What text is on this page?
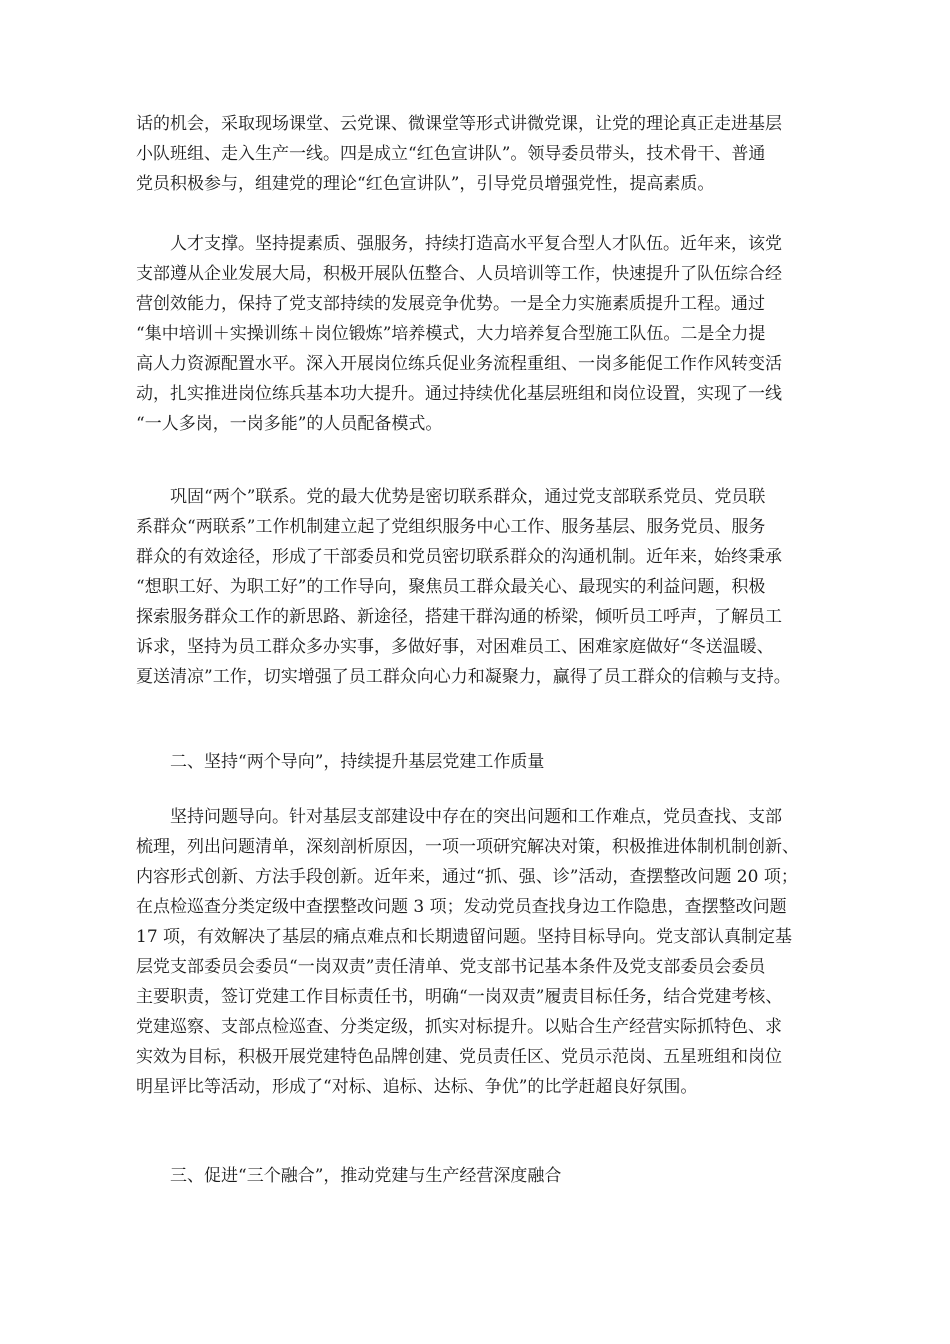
话的机会，采取现场课堂、云党课、微课堂等形式讲微党课，让党的理论真正走进基层
小队班组、走入生产一线。四是成立“红色宣讲队”。领导委员带头，技术骨干、普通
党员积极参与，组建党的理论“红色宣讲队”，引导党员增强党性，提高素质。
人才支撑。坚持提素质、强服务，持续打造高水平复合型人才队伍。近年来，该党
支部遵从企业发展大局，积极开展队伍整合、人员培训等工作，快速提升了队伍综合经
营创效能力，保持了党支部持续的发展竞争优势。一是全力实施素质提升工程。通过
“集中培训＋实操训练＋岗位锻炼”培养模式，大力培养复合型施工队伍。二是全力提
高人力资源配置水平。深入开展岗位练兵促业务流程重组、一岗多能促工作作风转变活
动，扎实推进岗位练兵基本功大提升。通过持续优化基层班组和岗位设置，实现了一线
“一人多岗，一岗多能”的人员配备模式。
巩固“两个”联系。党的最大优势是密切联系群众，通过党支部联系党员、党员联
系群众“两联系”工作机制建立起了党组织服务中心工作、服务基层、服务党员、服务
群众的有效途径，形成了干部委员和党员密切联系群众的沟通机制。近年来，始终秉承
“想职工好、为职工好”的工作导向，聚焦员工群众最关心、最现实的利益问题，积极
探索服务群众工作的新思路、新途径，搭建干群沟通的桥梁，倾听员工呼声，了解员工
诉求，坚持为员工群众多办实事，多做好事，对困难员工、困难家庭做好“冬送温暖、
夏送清凉”工作，切实增强了员工群众向心力和凝聚力，赢得了员工群众的信赖与支持。
二、坚持“两个导向”，持续提升基层党建工作质量
坚持问题导向。针对基层支部建设中存在的突出问题和工作难点，党员查找、支部
梳理，列出问题清单，深刻剖析原因，一项一项研究解决对策，积极推进体制机制创新、
内容形式创新、方法手段创新。近年来，通过“抓、强、诊”活动，查摆整改问题 20 项；
在点检巡查分类定级中查摆整改问题 3 项；发动党员查找身边工作隐患，查摆整改问题
17 项，有效解决了基层的痛点难点和长期遗留问题。坚持目标导向。党支部认真制定基
层党支部委员会委员“一岗双责”责任清单、党支部书记基本条件及党支部委员会委员
主要职责，签订党建工作目标责任书，明确“一岗双责”履责目标任务，结合党建考核、
党建巡察、支部点检巡查、分类定级，抓实对标提升。以贴合生产经营实际抓特色、求
实效为目标，积极开展党建特色品牌创建、党员责任区、党员示范岗、五星班组和岗位
明星评比等活动，形成了“对标、追标、达标、争优”的比学赶超良好氛围。
三、促进“三个融合”，推动党建与生产经营深度融合
